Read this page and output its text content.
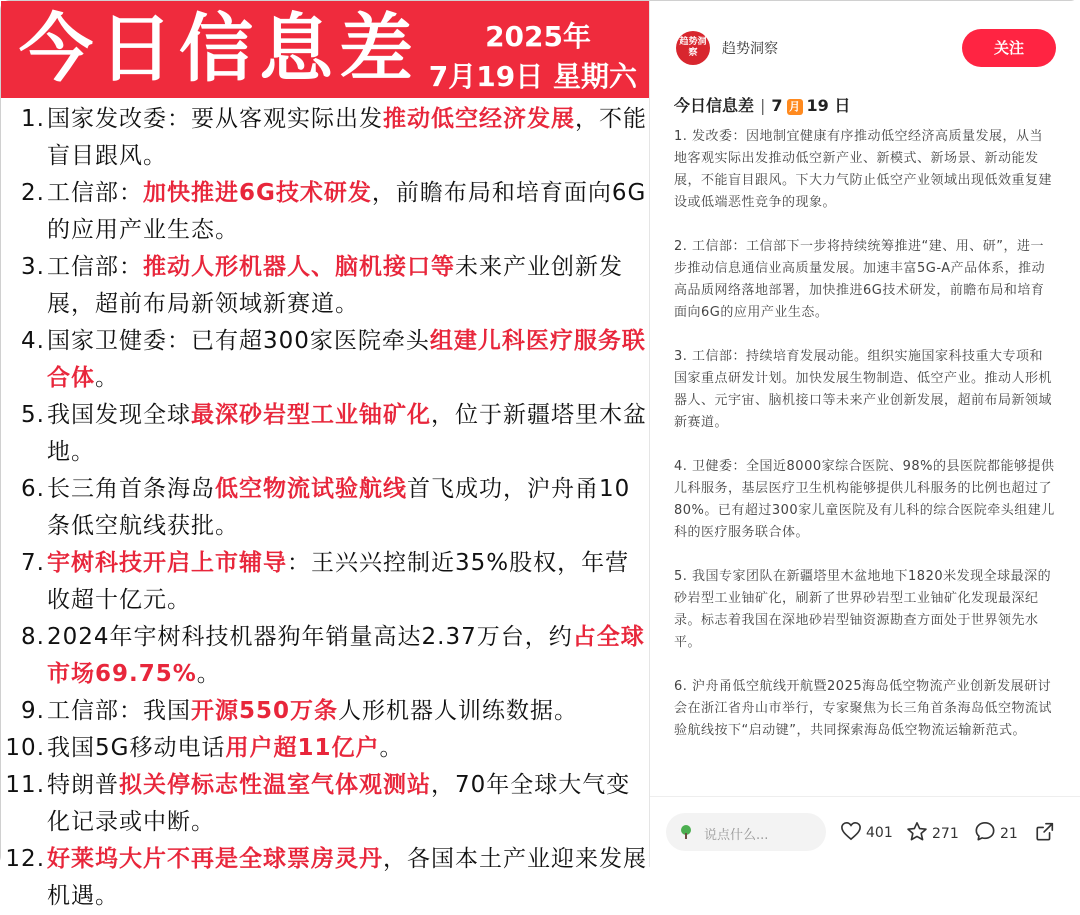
今日信息差 2025年
7月19日 星期六
1. 国家发改委：要从客观实际出发推动低空经济发展，不能盲目跟风。
2. 工信部：加快推进6G技术研发，前瞻布局和培育面向6G的应用产业生态。
3. 工信部：推动人形机器人、脑机接口等未来产业创新发展，超前布局新领域新赛道。
4. 国家卫健委：已有超300家医院牵头组建儿科医疗服务联合体。
5. 我国发现全球最深砂岩型工业铀矿化，位于新疆塔里木盆地。
6. 长三角首条海岛低空物流试验航线首飞成功，沪舟甬10条低空航线获批。
7. 宇树科技开启上市辅导：王兴兴控制近35%股权，年营收超十亿元。
8. 2024年宇树科技机器狗年销量高达2.37万台，约占全球市场69.75%。
9. 工信部：我国开源550万条人形机器人训练数据。
10. 我国5G移动电话用户超11亿户。
11. 特朗普拟关停标志性温室气体观测站，70年全球大气变化记录或中断。
12. 好莱坞大片不再是全球票房灵丹，各国本土产业迎来发展机遇。
趋势洞察	趋势洞察	关注
今日信息差 | 7 月 19 日

1. 发改委：因地制宜健康有序推动低空经济高质量发展，从当地客观实际出发推动低空新产业、新模式、新场景、新动能发展，不能盲目跟风。下大力气防止低空产业领域出现低效重复建设或低端恶性竞争的现象。

2. 工信部：工信部下一步将持续统筹推进“建、用、研”，进一步推动信息通信业高质量发展。加速丰富5G-A产品体系，推动高品质网络落地部署，加快推进6G技术研发，前瞻布局和培育面向6G的应用产业生态。

3. 工信部：持续培育发展动能。组织实施国家科技重大专项和国家重点研发计划。加快发展生物制造、低空产业。推动人形机器人、元宇宙、脑机接口等未来产业创新发展，超前布局新领域新赛道。

4. 卫健委：全国近8000家综合医院、98%的县医院都能够提供儿科服务，基层医疗卫生机构能够提供儿科服务的比例也超过了80%。已有超过300家儿童医院及有儿科的综合医院牵头组建儿科的医疗服务联合体。

5. 我国专家团队在新疆塔里木盆地地下1820米发现全球最深的砂岩型工业铀矿化，刷新了世界砂岩型工业铀矿化发现最深纪录。标志着我国在深地砂岩型铀资源勘查方面处于世界领先水平。

6. 沪舟甬低空航线开航暨2025海岛低空物流产业创新发展研讨会在浙江省舟山市举行，专家聚焦为长三角首条海岛低空物流试验航线按下“启动键”，共同探索海岛低空物流运输新范式。

说点什么...	401	271	21
